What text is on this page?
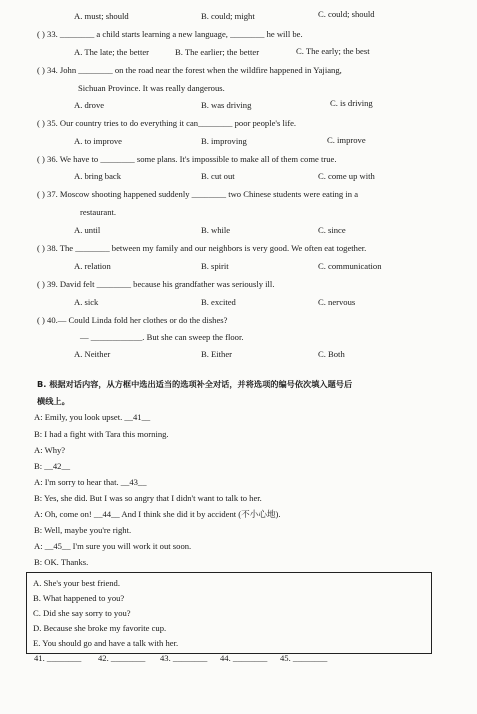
A. must; should	B. could; might	C. could; should
( ) 33. ________ a child starts learning a new language, ________ he will be.
A. The late; the better	B. The earlier; the better	C. The early; the best
( ) 34. John ________ on the road near the forest when the wildfire happened in Yajiang,
Sichuan Province. It was really dangerous.
A. drove	B. was driving	C. is driving
( ) 35. Our country tries to do everything it can________ poor people's life.
A. to improve	B. improving	C. improve
( ) 36. We have to ________ some plans. It's impossible to make all of them come true.
A. bring back	B. cut out	C. come up with
( ) 37. Moscow shooting happened suddenly ________ two Chinese students were eating in a
restaurant.
A. until	B. while	C. since
( ) 38. The ________ between my family and our neighbors is very good. We often eat together.
A. relation	B. spirit	C. communication
( ) 39. David felt ________ because his grandfather was seriously ill.
A. sick	B. excited	C. nervous
( ) 40.— Could Linda fold her clothes or do the dishes?
— ____________. But she can sweep the floor.
A. Neither	B. Either	C. Both
B. 根据对话内容，从方框中选出适当的选项补全对话，并将选项的编号依次填入题号后
横线上。
A: Emily, you look upset. __41__
B: I had a fight with Tara this morning.
A: Why?
B: __42__
A: I'm sorry to hear that. __43__
B: Yes, she did. But I was so angry that I didn't want to talk to her.
A: Oh, come on! __44__ And I think she did it by accident (不小心地).
B: Well, maybe you're right.
A: __45__ I'm sure you will work it out soon.
B: OK. Thanks.
A. She's your best friend.
B. What happened to you?
C. Did she say sorry to you?
D. Because she broke my favorite cup.
E. You should go and have a talk with her.
41. ________ 42. ________ 43. ________ 44. ________ 45. ________
